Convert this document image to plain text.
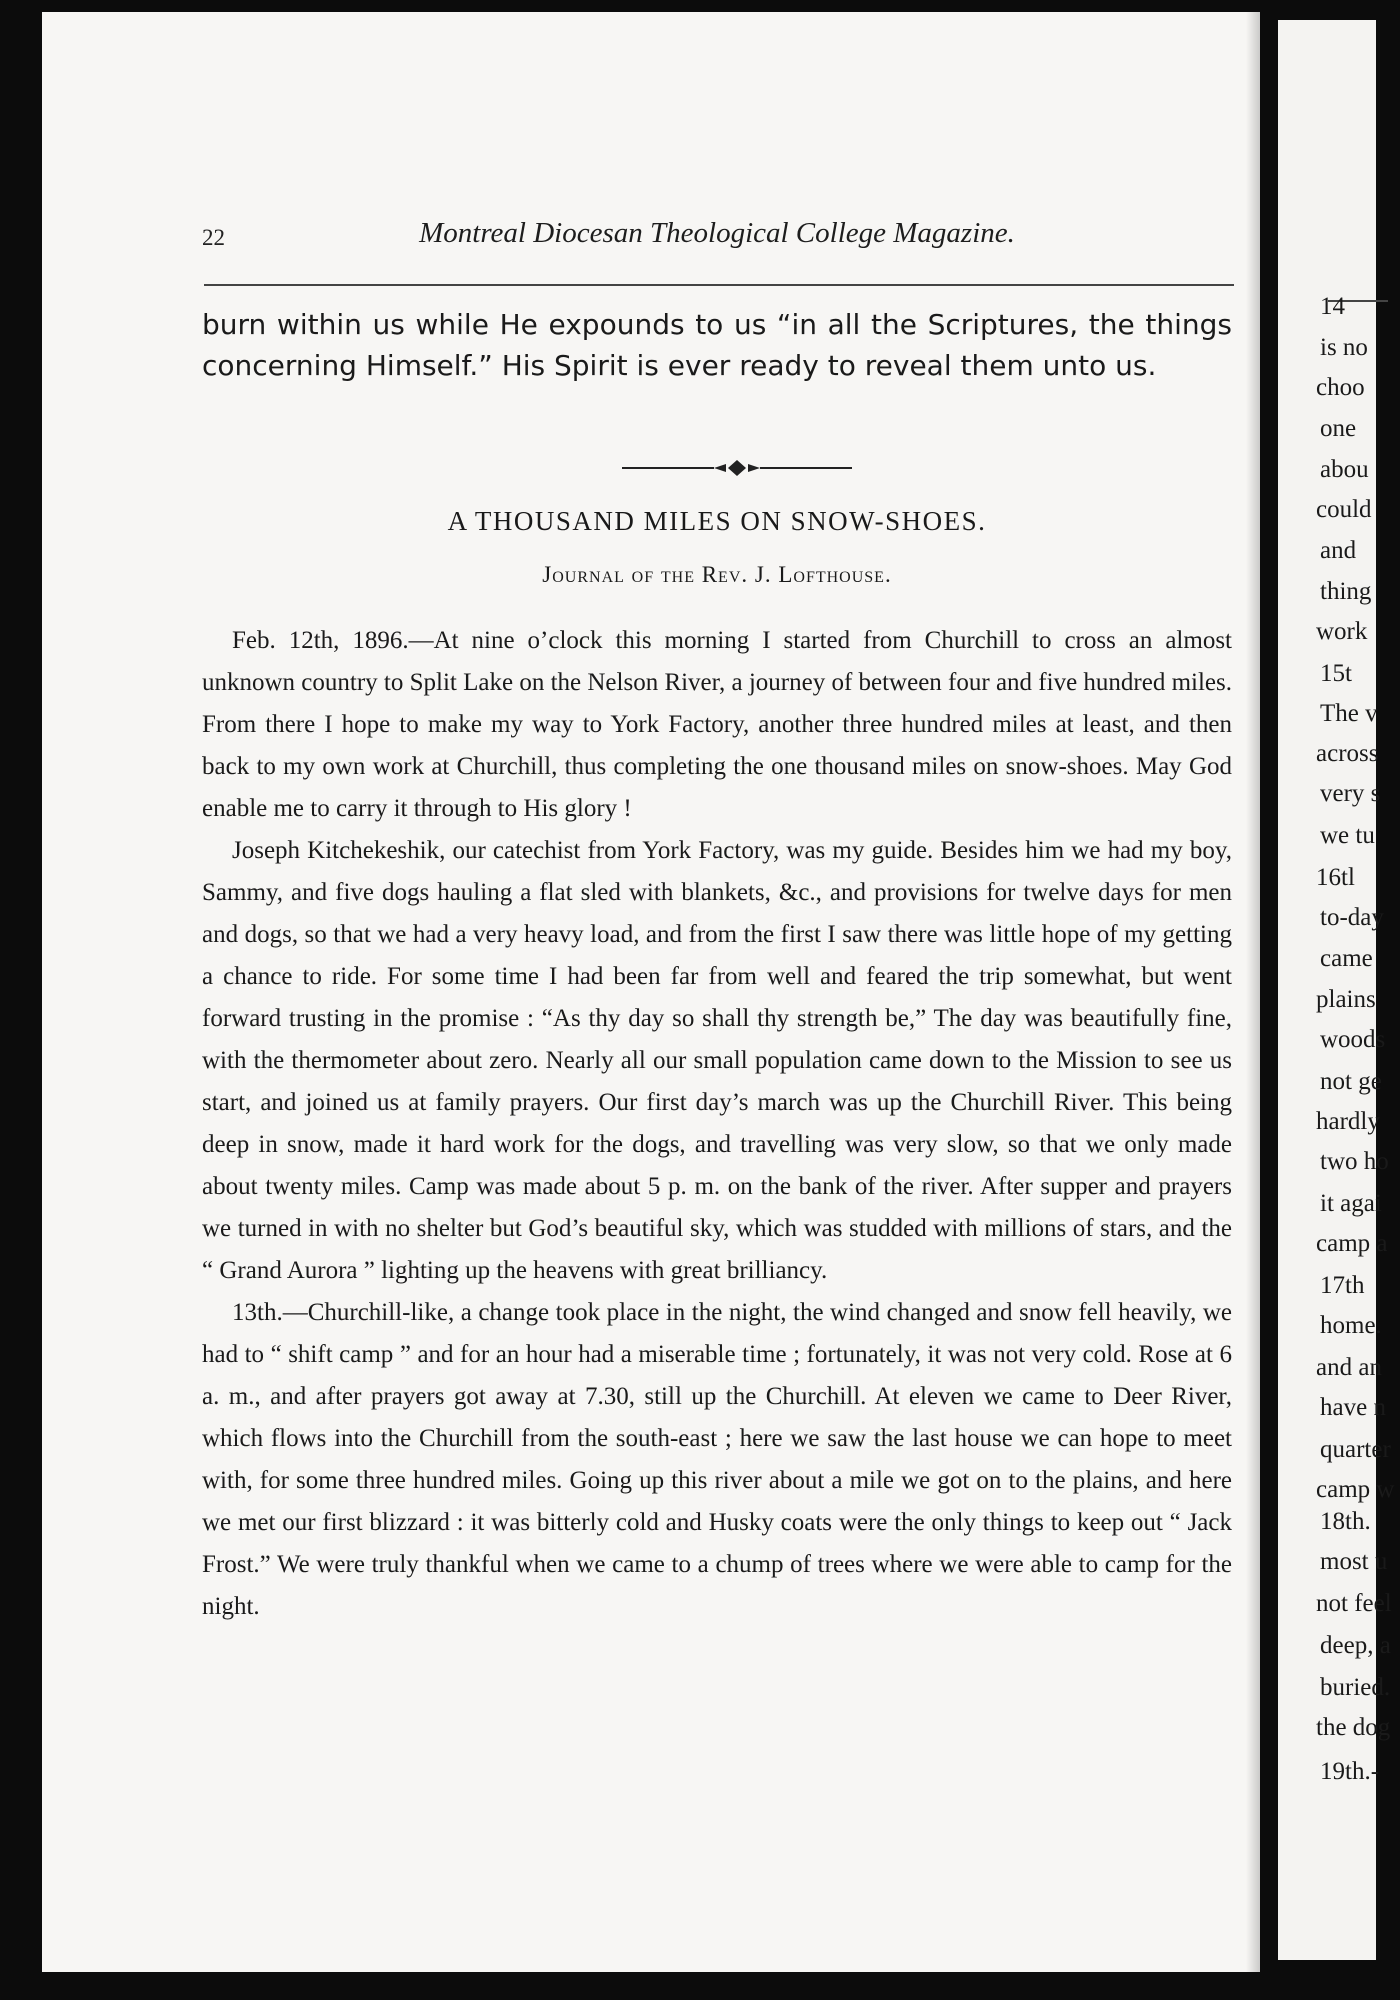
22	Montreal Diocesan Theological College Magazine.
burn within us while He expounds to us “in all the Scriptures, the things concerning Himself.” His Spirit is ever ready to reveal them unto us.
A THOUSAND MILES ON SNOW-SHOES.
Journal of the Rev. J. Lofthouse.

Feb. 12th, 1896.—At nine o’clock this morning I started from Churchill to cross an almost unknown country to Split Lake on the Nelson River, a journey of between four and five hundred miles. From there I hope to make my way to York Factory, another three hundred miles at least, and then back to my own work at Churchill, thus completing the one thousand miles on snow-shoes. May God enable me to carry it through to His glory !

Joseph Kitchekeshik, our catechist from York Factory, was my guide. Besides him we had my boy, Sammy, and five dogs hauling a flat sled with blankets, &c., and provisions for twelve days for men and dogs, so that we had a very heavy load, and from the first I saw there was little hope of my getting a chance to ride. For some time I had been far from well and feared the trip somewhat, but went forward trusting in the promise : “As thy day so shall thy strength be,” The day was beautifully fine, with the thermometer about zero. Nearly all our small population came down to the Mission to see us start, and joined us at family prayers. Our first day’s march was up the Churchill River. This being deep in snow, made it hard work for the dogs, and travelling was very slow, so that we only made about twenty miles. Camp was made about 5 p. m. on the bank of the river. After supper and prayers we turned in with no shelter but God’s beautiful sky, which was studded with millions of stars, and the “ Grand Aurora ” lighting up the heavens with great brilliancy.

13th.—Churchill-like, a change took place in the night, the wind changed and snow fell heavily, we had to “ shift camp ” and for an hour had a miserable time ; fortunately, it was not very cold. Rose at 6 a. m., and after prayers got away at 7.30, still up the Churchill. At eleven we came to Deer River, which flows into the Churchill from the south-east ; here we saw the last house we can hope to meet with, for some three hundred miles. Going up this river about a mile we got on to the plains, and here we met our first blizzard : it was bitterly cold and Husky coats were the only things to keep out “ Jack Frost.” We were truly thankful when we came to a chump of trees where we were able to camp for the night.

14
is no
choo
one
abou
could
and
thing
work
15t
The v
across
very s
we tu
16tl
to-day
came
plains
woods
not ge
hardly
two ho
it agai
camp a
17th
home.
and an
have n
quarter
camp w
18th.
most u
not feel
deep, a
buried.
the dog
19th.-
